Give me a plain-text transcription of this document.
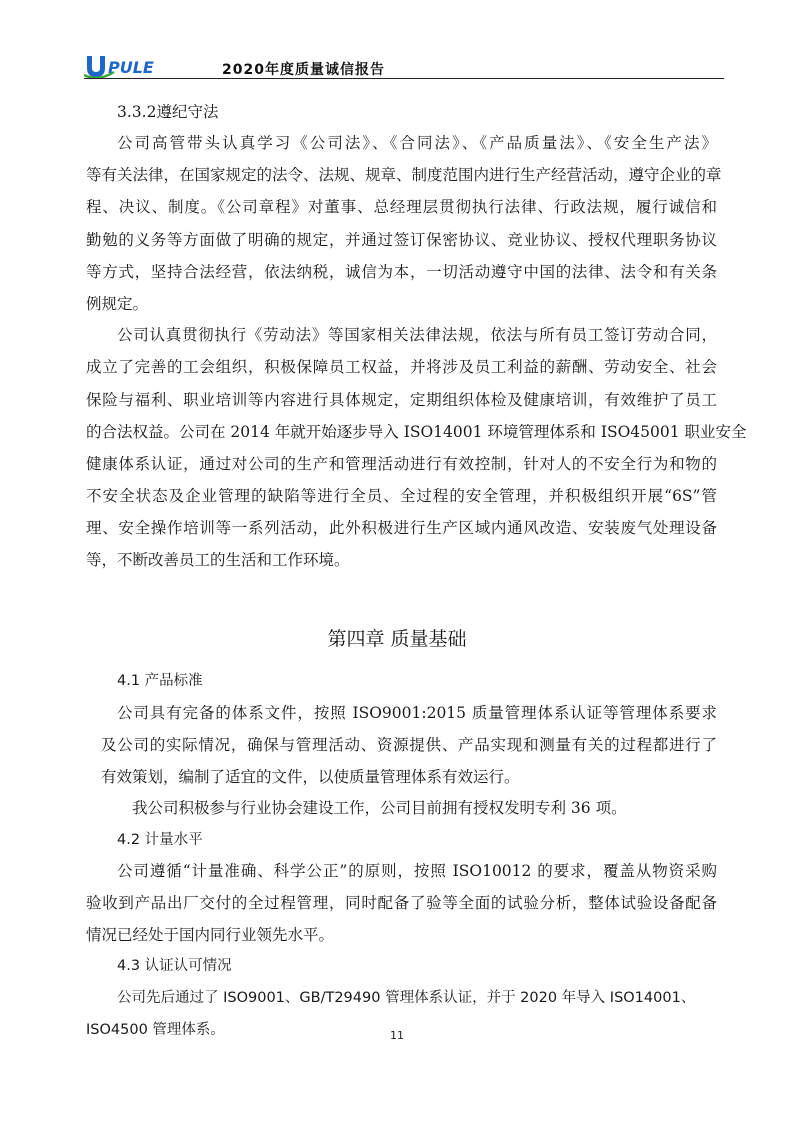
PULE	2020年度质量诚信报告
3.3.2遵纪守法
公司高管带头认真学习《公司法》、《合同法》、《产品质量法》、《安全生产法》
等有关法律，在国家规定的法令、法规、规章、制度范围内进行生产经营活动，遵守企业的章
程、决议、制度。《公司章程》对董事、总经理层贯彻执行法律、行政法规，履行诚信和
勤勉的义务等方面做了明确的规定，并通过签订保密协议、竞业协议、授权代理职务协议
等方式，坚持合法经营，依法纳税，诚信为本，一切活动遵守中国的法律、法令和有关条
例规定。
公司认真贯彻执行《劳动法》等国家相关法律法规，依法与所有员工签订劳动合同，
成立了完善的工会组织，积极保障员工权益，并将涉及员工利益的薪酬、劳动安全、社会
保险与福利、职业培训等内容进行具体规定，定期组织体检及健康培训，有效维护了员工
的合法权益。公司在 2014 年就开始逐步导入 ISO14001 环境管理体系和 ISO45001 职业安全
健康体系认证，通过对公司的生产和管理活动进行有效控制，针对人的不安全行为和物的
不安全状态及企业管理的缺陷等进行全员、全过程的安全管理，并积极组织开展“6S”管
理、安全操作培训等一系列活动，此外积极进行生产区域内通风改造、安装废气处理设备
等，不断改善员工的生活和工作环境。
第四章 质量基础
4.1 产品标准
公司具有完备的体系文件，按照 ISO9001:2015 质量管理体系认证等管理体系要求
及公司的实际情况，确保与管理活动、资源提供、产品实现和测量有关的过程都进行了
有效策划，编制了适宜的文件，以使质量管理体系有效运行。
我公司积极参与行业协会建设工作，公司目前拥有授权发明专利 36 项。
4.2 计量水平
公司遵循“计量准确、科学公正”的原则，按照 ISO10012 的要求，覆盖从物资采购
验收到产品出厂交付的全过程管理，同时配备了验等全面的试验分析，整体试验设备配备
情况已经处于国内同行业领先水平。
4.3 认证认可情况
公司先后通过了 ISO9001、GB/T29490 管理体系认证，并于 2020 年导入 ISO14001、
ISO4500 管理体系。	11
